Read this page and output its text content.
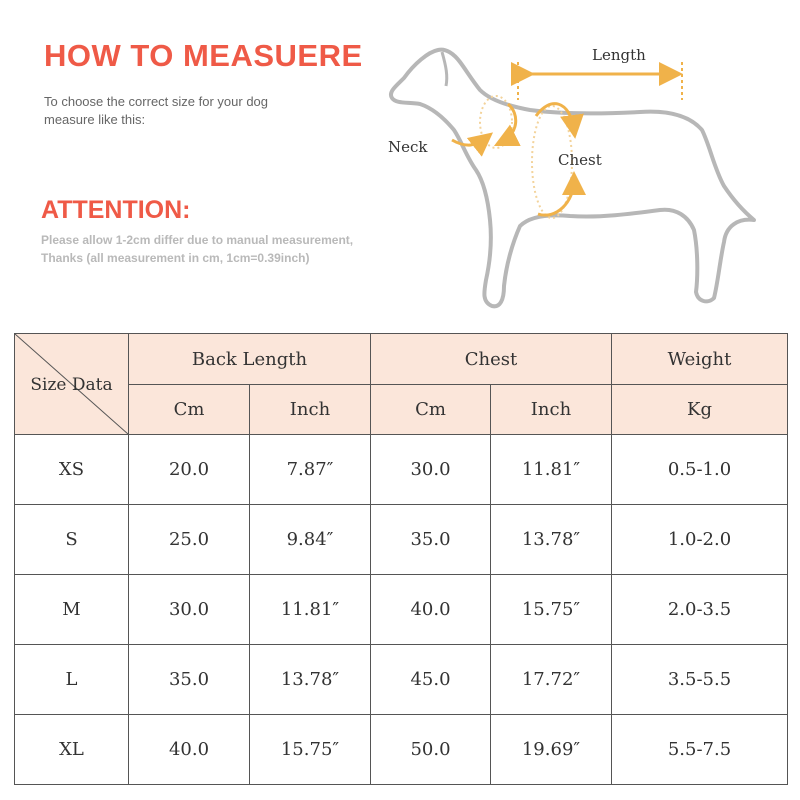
HOW TO MEASUERE
To choose the correct size for your dog
measure like this:
ATTENTION:
Please allow 1-2cm differ due to manual measurement,
Thanks (all measurement in cm, 1cm=0.39inch)
Length
Neck
Chest
Size Data	Back Length		Chest		Weight
	Cm	Inch	Cm	Inch	Kg
XS	20.0	7.87″	30.0	11.81″	0.5-1.0
S	25.0	9.84″	35.0	13.78″	1.0-2.0
M	30.0	11.81″	40.0	15.75″	2.0-3.5
L	35.0	13.78″	45.0	17.72″	3.5-5.5
XL	40.0	15.75″	50.0	19.69″	5.5-7.5
